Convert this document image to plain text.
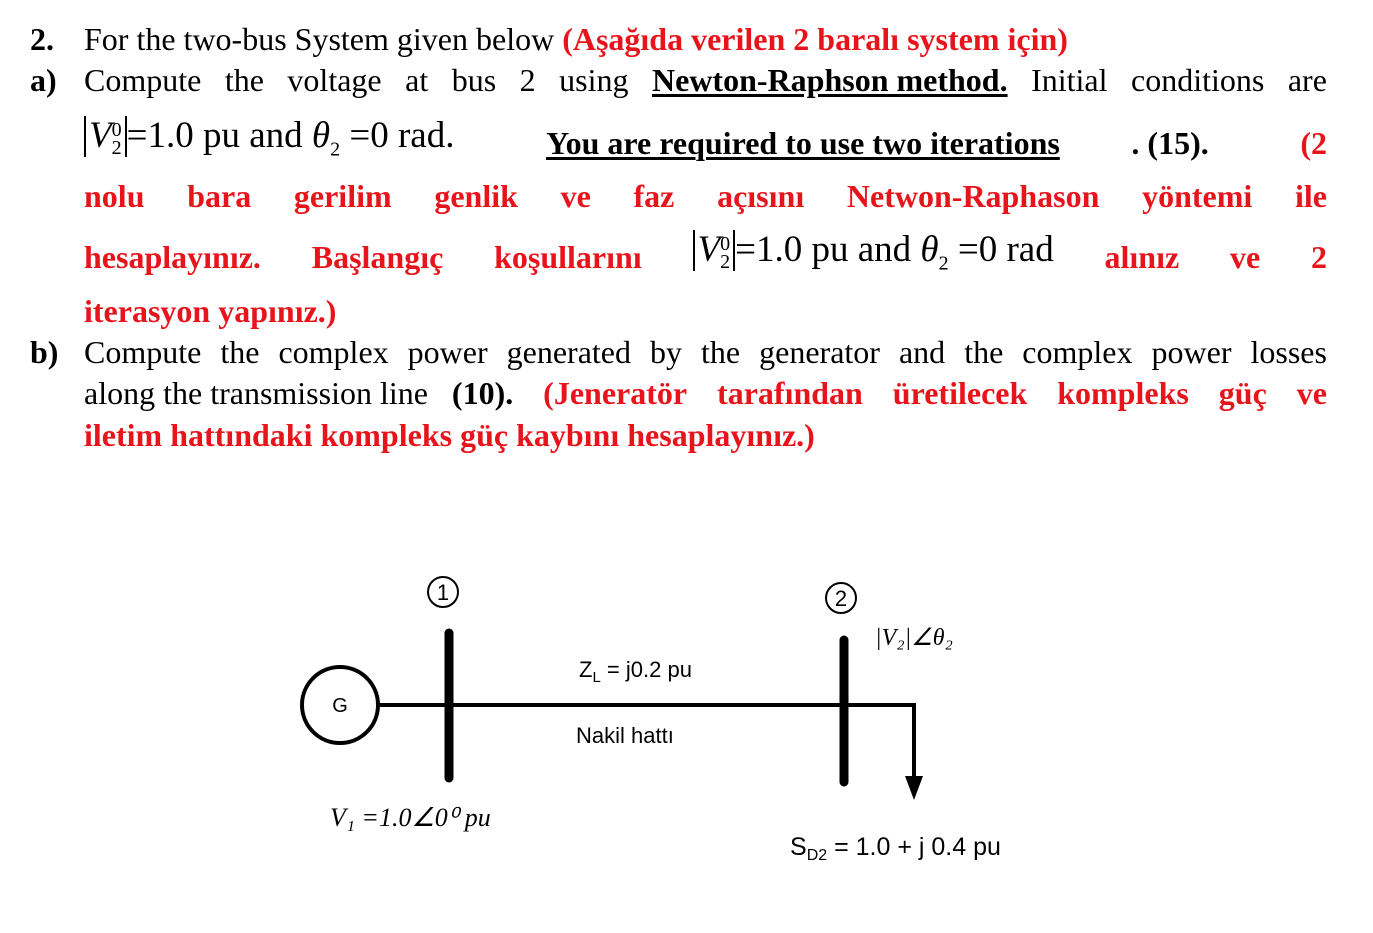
2. For the two-bus System given below (Aşağıda verilen 2 baralı system için)
a) Compute the voltage at bus 2 using Newton-Raphson method. Initial conditions are
V 0
2 =1.0 pu and $\theta_2 =0$ rad.	You are required to use two iterations . (15).	(2
nolu bara gerilim genlik ve faz açısını Netwon-Raphason yöntemi ile
hesaplayınız. Başlangıç koşullarını V 0
2 =1.0 pu and $\theta_2 =0$ rad alınız ve 2
iterasyon yapınız.)
b) Compute the complex power generated by the generator and the complex power losses
along the transmission line (10). (Jeneratör tarafından üretilecek kompleks güç ve
iletim hattındaki kompleks güç kaybını hesaplayınız.)
G
1	2
|V₂|∠θ₂
$Z_L = j0.2$ pu
Nakil hattı
V₁ =1.0∠0⁰ pu
$S_{D2} = 1.0 + j$ 0.4 pu
